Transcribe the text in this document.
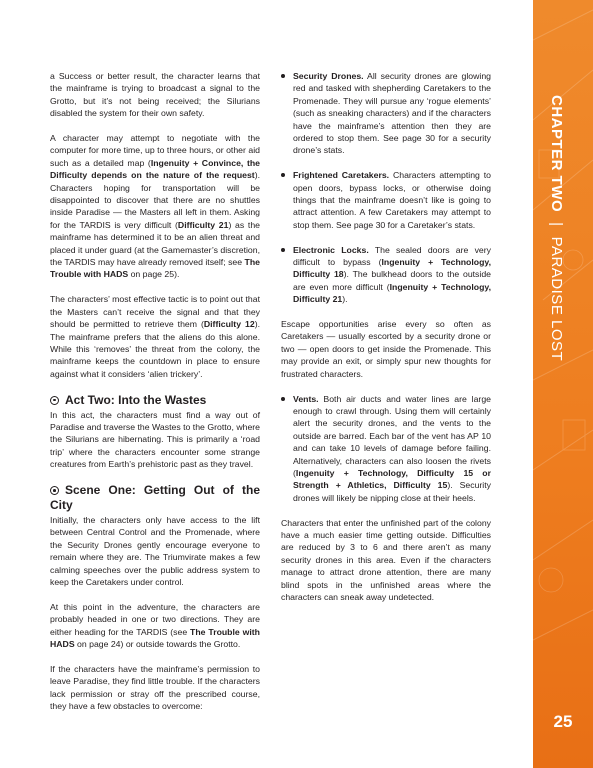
CHAPTER TWO|PARADISE LOST
25

a Success or better result, the character learns that the mainframe is trying to broadcast a signal to the Grotto, but it’s not being received; the Silurians disabled the system for their own safety.

A character may attempt to negotiate with the computer for more time, up to three hours, or other aid such as a detailed map (Ingenuity + Convince, the Difficulty depends on the nature of the request). Characters hoping for transportation will be disappointed to discover that there are no shuttles inside Paradise — the Masters all left in them. Asking for the TARDIS is very difficult (Difficulty 21) as the mainframe has determined it to be an alien threat and placed it under guard (at the Gamemaster’s discretion, the TARDIS may have already removed itself; see The Trouble with HADS on page 25).

The characters’ most effective tactic is to point out that the Masters can’t receive the signal and that they should be permitted to retrieve them (Difficulty 12). The mainframe prefers that the aliens do this alone. While this ‘removes’ the threat from the colony, the mainframe keeps the countdown in place to ensure against what it considers ‘alien trickery’.

Act Two: Into the Wastes

In this act, the characters must find a way out of Paradise and traverse the Wastes to the Grotto, where the Silurians are hibernating. This is primarily a ‘road trip’ where the characters encounter some strange creatures from Earth’s prehistoric past as they travel.

Scene One: Getting Out of the City

Initially, the characters only have access to the lift between Central Control and the Promenade, where the Security Drones gently encourage everyone to remain where they are. The Triumvirate makes a few calming speeches over the public address system to keep the Caretakers under control.

At this point in the adventure, the characters are probably headed in one or two directions. They are either heading for the TARDIS (see The Trouble with HADS on page 24) or outside towards the Grotto.

If the characters have the mainframe’s permission to leave Paradise, they find little trouble. If the characters lack permission or stray off the prescribed course, they have a few obstacles to overcome:

Security Drones. All security drones are glowing red and tasked with shepherding Caretakers to the Promenade. They will pursue any ‘rogue elements’ (such as sneaking characters) and if the characters have the mainframe’s attention then they are ordered to stop them. See page 30 for a security drone’s stats.
Frightened Caretakers. Characters attempting to open doors, bypass locks, or otherwise doing things that the mainframe doesn’t like is going to attract attention. A few Caretakers may attempt to stop them. See page 30 for a Caretaker’s stats.
Electronic Locks. The sealed doors are very difficult to bypass (Ingenuity + Technology, Difficulty 18). The bulkhead doors to the outside are even more difficult (Ingenuity + Technology, Difficulty 21).

Escape opportunities arise every so often as Caretakers — usually escorted by a security drone or two — open doors to get inside the Promenade. This may provide an exit, or simply spur new thoughts for frustrated characters.

Vents. Both air ducts and water lines are large enough to crawl through. Using them will certainly alert the security drones, and the vents to the outside are barred. Each bar of the vent has AP 10 and can take 10 levels of damage before failing. Alternatively, characters can also loosen the rivets (Ingenuity + Technology, Difficulty 15 or Strength + Athletics, Difficulty 15). Security drones will likely be nipping close at their heels.

Characters that enter the unfinished part of the colony have a much easier time getting outside. Difficulties are reduced by 3 to 6 and there aren’t as many security drones in this area. Even if the characters manage to attract drone attention, there are many blind spots in the unfinished areas where the characters can sneak away undetected.
